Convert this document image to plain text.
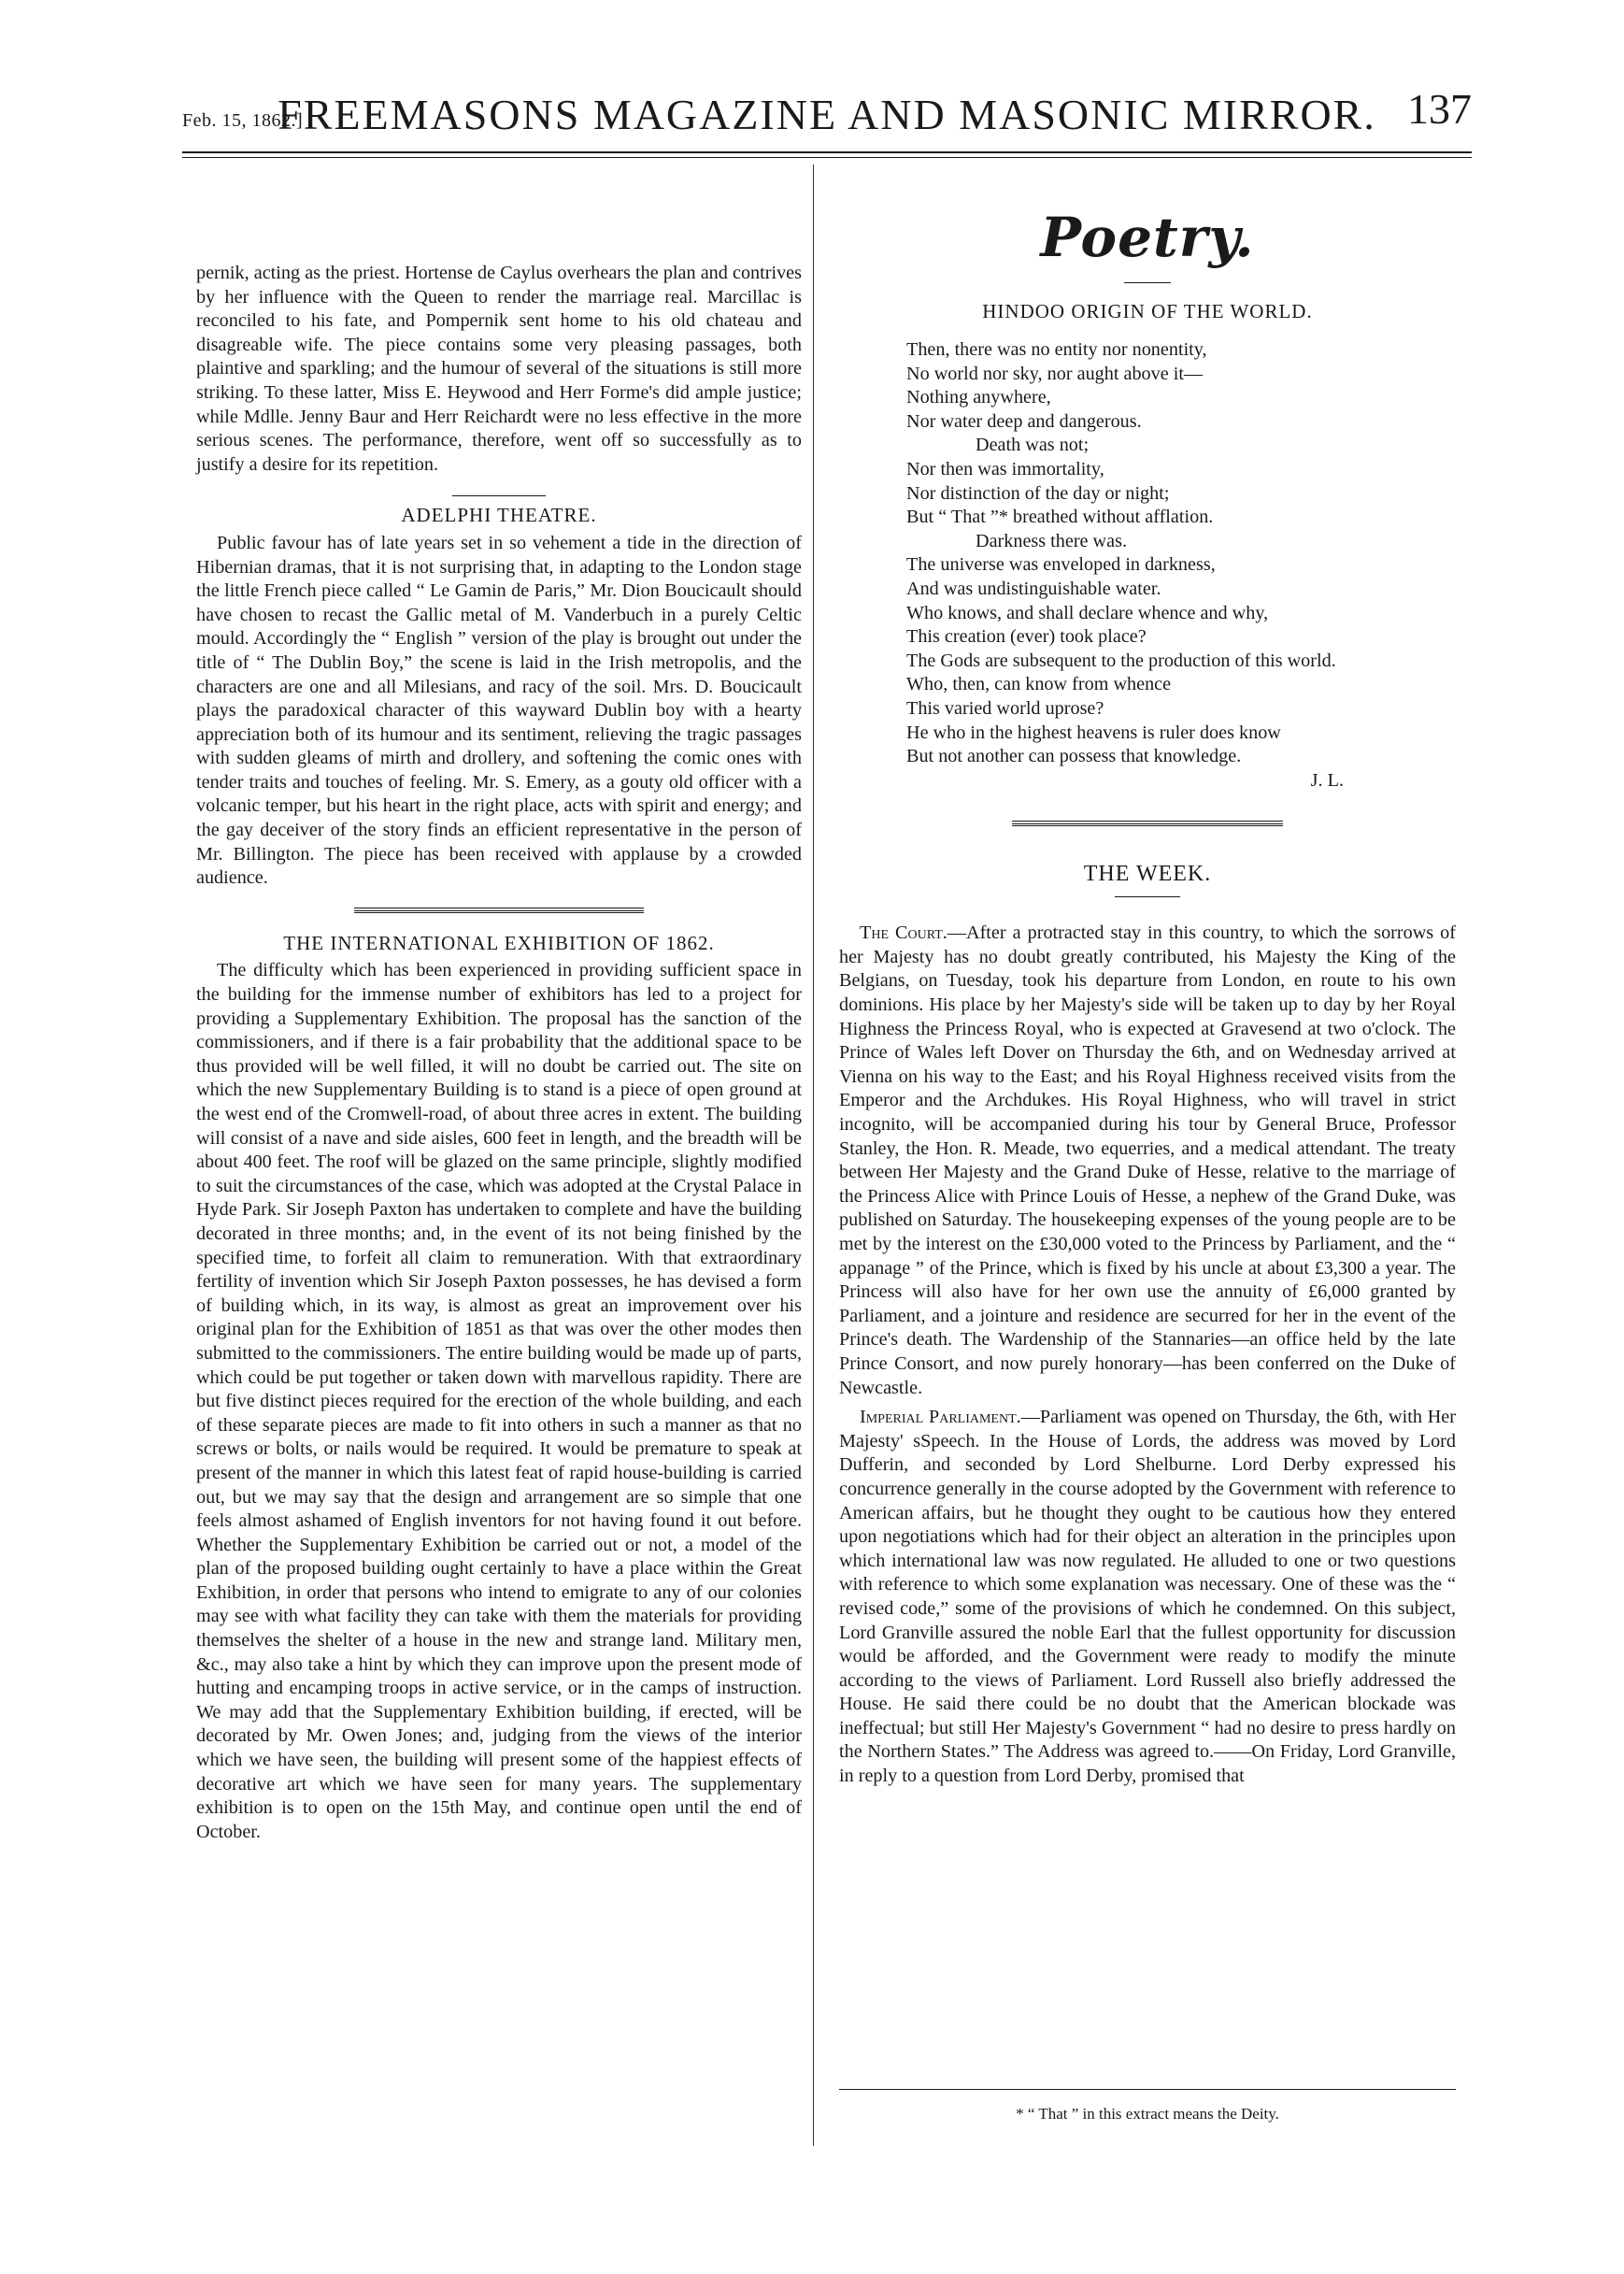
Feb. 15, 1862.]
FREEMASONS MAGAZINE AND MASONIC MIRROR. 137

pernik, acting as the priest. Hortense de Caylus overhears the plan and contrives by her influence with the Queen to render the marriage real. Marcillac is reconciled to his fate, and Pompernik sent home to his old chateau and disagreable wife. The piece contains some very pleasing passages, both plaintive and sparkling; and the humour of several of the situations is still more striking. To these latter, Miss E. Heywood and Herr Forme's did ample justice; while Mdlle. Jenny Baur and Herr Reichardt were no less effective in the more serious scenes. The performance, therefore, went off so successfully as to justify a desire for its repetition.

ADELPHI THEATRE.

Public favour has of late years set in so vehement a tide in the direction of Hibernian dramas, that it is not surprising that, in adapting to the London stage the little French piece called “ Le Gamin de Paris,” Mr. Dion Boucicault should have chosen to recast the Gallic metal of M. Vanderbuch in a purely Celtic mould. Accordingly the “ English ” version of the play is brought out under the title of “ The Dublin Boy,” the scene is laid in the Irish metropolis, and the characters are one and all Milesians, and racy of the soil. Mrs. D. Boucicault plays the paradoxical character of this wayward Dublin boy with a hearty appreciation both of its humour and its sentiment, relieving the tragic passages with sudden gleams of mirth and drollery, and softening the comic ones with tender traits and touches of feeling. Mr. S. Emery, as a gouty old officer with a volcanic temper, but his heart in the right place, acts with spirit and energy; and the gay deceiver of the story finds an efficient representative in the person of Mr. Billington. The piece has been received with applause by a crowded audience.

THE INTERNATIONAL EXHIBITION OF 1862.

The difficulty which has been experienced in providing sufficient space in the building for the immense number of exhibitors has led to a project for providing a Supplementary Exhibition. The proposal has the sanction of the commissioners, and if there is a fair probability that the additional space to be thus provided will be well filled, it will no doubt be carried out. The site on which the new Supplementary Building is to stand is a piece of open ground at the west end of the Cromwell-road, of about three acres in extent. The building will consist of a nave and side aisles, 600 feet in length, and the breadth will be about 400 feet. The roof will be glazed on the same principle, slightly modified to suit the circumstances of the case, which was adopted at the Crystal Palace in Hyde Park. Sir Joseph Paxton has undertaken to complete and have the building decorated in three months; and, in the event of its not being finished by the specified time, to forfeit all claim to remuneration. With that extraordinary fertility of invention which Sir Joseph Paxton possesses, he has devised a form of building which, in its way, is almost as great an improvement over his original plan for the Exhibition of 1851 as that was over the other modes then submitted to the commissioners. The entire building would be made up of parts, which could be put together or taken down with marvellous rapidity. There are but five distinct pieces required for the erection of the whole building, and each of these separate pieces are made to fit into others in such a manner as that no screws or bolts, or nails would be required. It would be premature to speak at present of the manner in which this latest feat of rapid house-building is carried out, but we may say that the design and arrangement are so simple that one feels almost ashamed of English inventors for not having found it out before. Whether the Supplementary Exhibition be carried out or not, a model of the plan of the proposed building ought certainly to have a place within the Great Exhibition, in order that persons who intend to emigrate to any of our colonies may see with what facility they can take with them the materials for providing themselves the shelter of a house in the new and strange land. Military men, &c., may also take a hint by which they can improve upon the present mode of hutting and encamping troops in active service, or in the camps of instruction. We may add that the Supplementary Exhibition building, if erected, will be decorated by Mr. Owen Jones; and, judging from the views of the interior which we have seen, the building will present some of the happiest effects of decorative art which we have seen for many years. The supplementary exhibition is to open on the 15th May, and continue open until the end of October.

Poetry.
HINDOO ORIGIN OF THE WORLD.
Then, there was no entity nor nonentity,
No world nor sky, nor aught above it—
Nothing anywhere,
Nor water deep and dangerous.
Death was not;
Nor then was immortality,
Nor distinction of the day or night;
But “ That ”* breathed without afflation.
Darkness there was.
The universe was enveloped in darkness,
And was undistinguishable water.
Who knows, and shall declare whence and why,
This creation (ever) took place?
The Gods are subsequent to the production of this world.
Who, then, can know from whence
This varied world uprose?
He who in the highest heavens is ruler does know
But not another can possess that knowledge.
J. L.
THE WEEK.

The Court.—After a protracted stay in this country, to which the sorrows of her Majesty has no doubt greatly contributed, his Majesty the King of the Belgians, on Tuesday, took his departure from London, en route to his own dominions. His place by her Majesty's side will be taken up to day by her Royal Highness the Princess Royal, who is expected at Gravesend at two o'clock. The Prince of Wales left Dover on Thursday the 6th, and on Wednesday arrived at Vienna on his way to the East; and his Royal Highness received visits from the Emperor and the Archdukes. His Royal Highness, who will travel in strict incognito, will be accompanied during his tour by General Bruce, Professor Stanley, the Hon. R. Meade, two equerries, and a medical attendant. The treaty between Her Majesty and the Grand Duke of Hesse, relative to the marriage of the Princess Alice with Prince Louis of Hesse, a nephew of the Grand Duke, was published on Saturday. The housekeeping expenses of the young people are to be met by the interest on the £30,000 voted to the Princess by Parliament, and the “ appanage ” of the Prince, which is fixed by his uncle at about £3,300 a year. The Princess will also have for her own use the annuity of £6,000 granted by Parliament, and a jointure and residence are securred for her in the event of the Prince's death. The Wardenship of the Stannaries—an office held by the late Prince Consort, and now purely honorary—has been conferred on the Duke of Newcastle.

Imperial Parliament.—Parliament was opened on Thursday, the 6th, with Her Majesty' sSpeech. In the House of Lords, the address was moved by Lord Dufferin, and seconded by Lord Shelburne. Lord Derby expressed his concurrence generally in the course adopted by the Government with reference to American affairs, but he thought they ought to be cautious how they entered upon negotiations which had for their object an alteration in the principles upon which international law was now regulated. He alluded to one or two questions with reference to which some explanation was necessary. One of these was the “ revised code,” some of the provisions of which he condemned. On this subject, Lord Granville assured the noble Earl that the fullest opportunity for discussion would be afforded, and the Government were ready to modify the minute according to the views of Parliament. Lord Russell also briefly addressed the House. He said there could be no doubt that the American blockade was ineffectual; but still Her Majesty's Government “ had no desire to press hardly on the Northern States.” The Address was agreed to.——On Friday, Lord Granville, in reply to a question from Lord Derby, promised that

* “ That ” in this extract means the Deity.
